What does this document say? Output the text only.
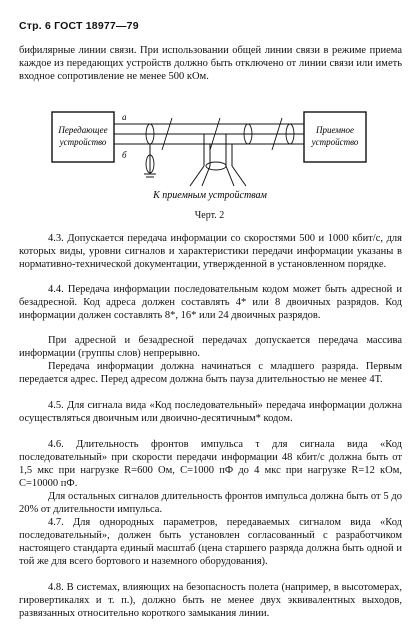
Стр. 6 ГОСТ 18977—79
бифилярные линии связи. При использовании общей линии связи в режиме приема каждое из передающих устройств должно быть отключено от линии связи или иметь входное сопротивление не менее 500 кОм.
Передающее
устройство
Приемное
устройство
а
б
К приемным устройствам
Черт. 2
4.3. Допускается передача информации со скоростями 500 и 1000 кбит/с, для которых виды, уровни сигналов и характеристики передачи информации указаны в нормативно-технической документации, утвержденной в установленном порядке.
4.4. Передача информации последовательным кодом может быть адресной и безадресной. Код адреса должен составлять 4* или 8 двоичных разрядов. Код информации должен составлять 8*, 16* или 24 двоичных разрядов.
При адресной и безадресной передачах допускается передача массива информации (группы слов) непрерывно.
Передача информации должна начинаться с младшего разряда. Первым передается адрес. Перед адресом должна быть пауза длительностью не менее 4Т.
4.5. Для сигнала вида «Код последовательный» передача информации должна осуществляться двоичным или двоично-десятичным* кодом.
4.6. Длительность фронтов импульса τ для сигнала вида «Код последовательный» при скорости передачи информации 48 кбит/с должна быть от 1,5 мкс при нагрузке R=600 Ом, C=1000 пФ до 4 мкс при нагрузке R=12 кОм, C=10000 пФ.
Для остальных сигналов длительность фронтов импульса должна быть от 5 до 20% от длительности импульса.
4.7. Для однородных параметров, передаваемых сигналом вида «Код последовательный», должен быть установлен согласованный с разработчиком настоящего стандарта единый масштаб (цена старшего разряда должна быть одной и той же для всего бортового и наземного оборудования).
4.8. В системах, влияющих на безопасность полета (например, в высотомерах, гировертикалях и т. п.), должно быть не менее двух эквивалентных выходов, развязанных относительно короткого замыкания линии.
